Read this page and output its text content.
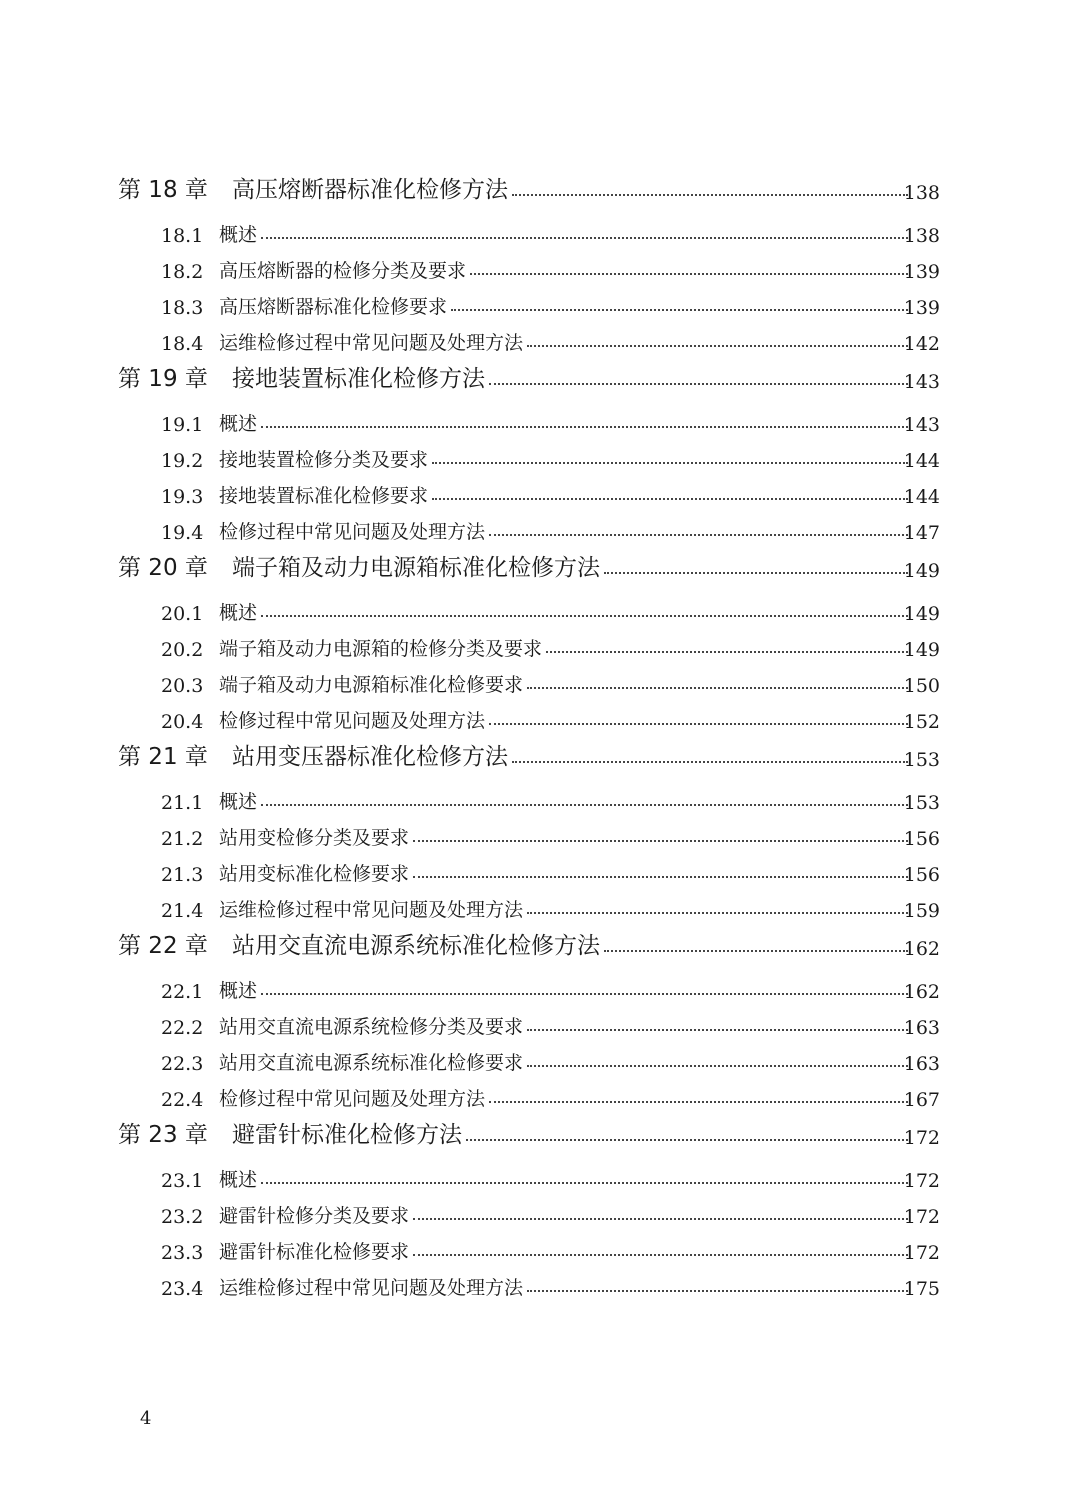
第 18 章 高压熔断器标准化检修方法	138
18.1 概述	138
18.2 高压熔断器的检修分类及要求	139
18.3 高压熔断器标准化检修要求	139
18.4 运维检修过程中常见问题及处理方法	142
第 19 章 接地装置标准化检修方法	143
19.1 概述	143
19.2 接地装置检修分类及要求	144
19.3 接地装置标准化检修要求	144
19.4 检修过程中常见问题及处理方法	147
第 20 章 端子箱及动力电源箱标准化检修方法	149
20.1 概述	149
20.2 端子箱及动力电源箱的检修分类及要求	149
20.3 端子箱及动力电源箱标准化检修要求	150
20.4 检修过程中常见问题及处理方法	152
第 21 章 站用变压器标准化检修方法	153
21.1 概述	153
21.2 站用变检修分类及要求	156
21.3 站用变标准化检修要求	156
21.4 运维检修过程中常见问题及处理方法	159
第 22 章 站用交直流电源系统标准化检修方法	162
22.1 概述	162
22.2 站用交直流电源系统检修分类及要求	163
22.3 站用交直流电源系统标准化检修要求	163
22.4 检修过程中常见问题及处理方法	167
第 23 章 避雷针标准化检修方法	172
23.1 概述	172
23.2 避雷针检修分类及要求	172
23.3 避雷针标准化检修要求	172
23.4 运维检修过程中常见问题及处理方法	175
4
